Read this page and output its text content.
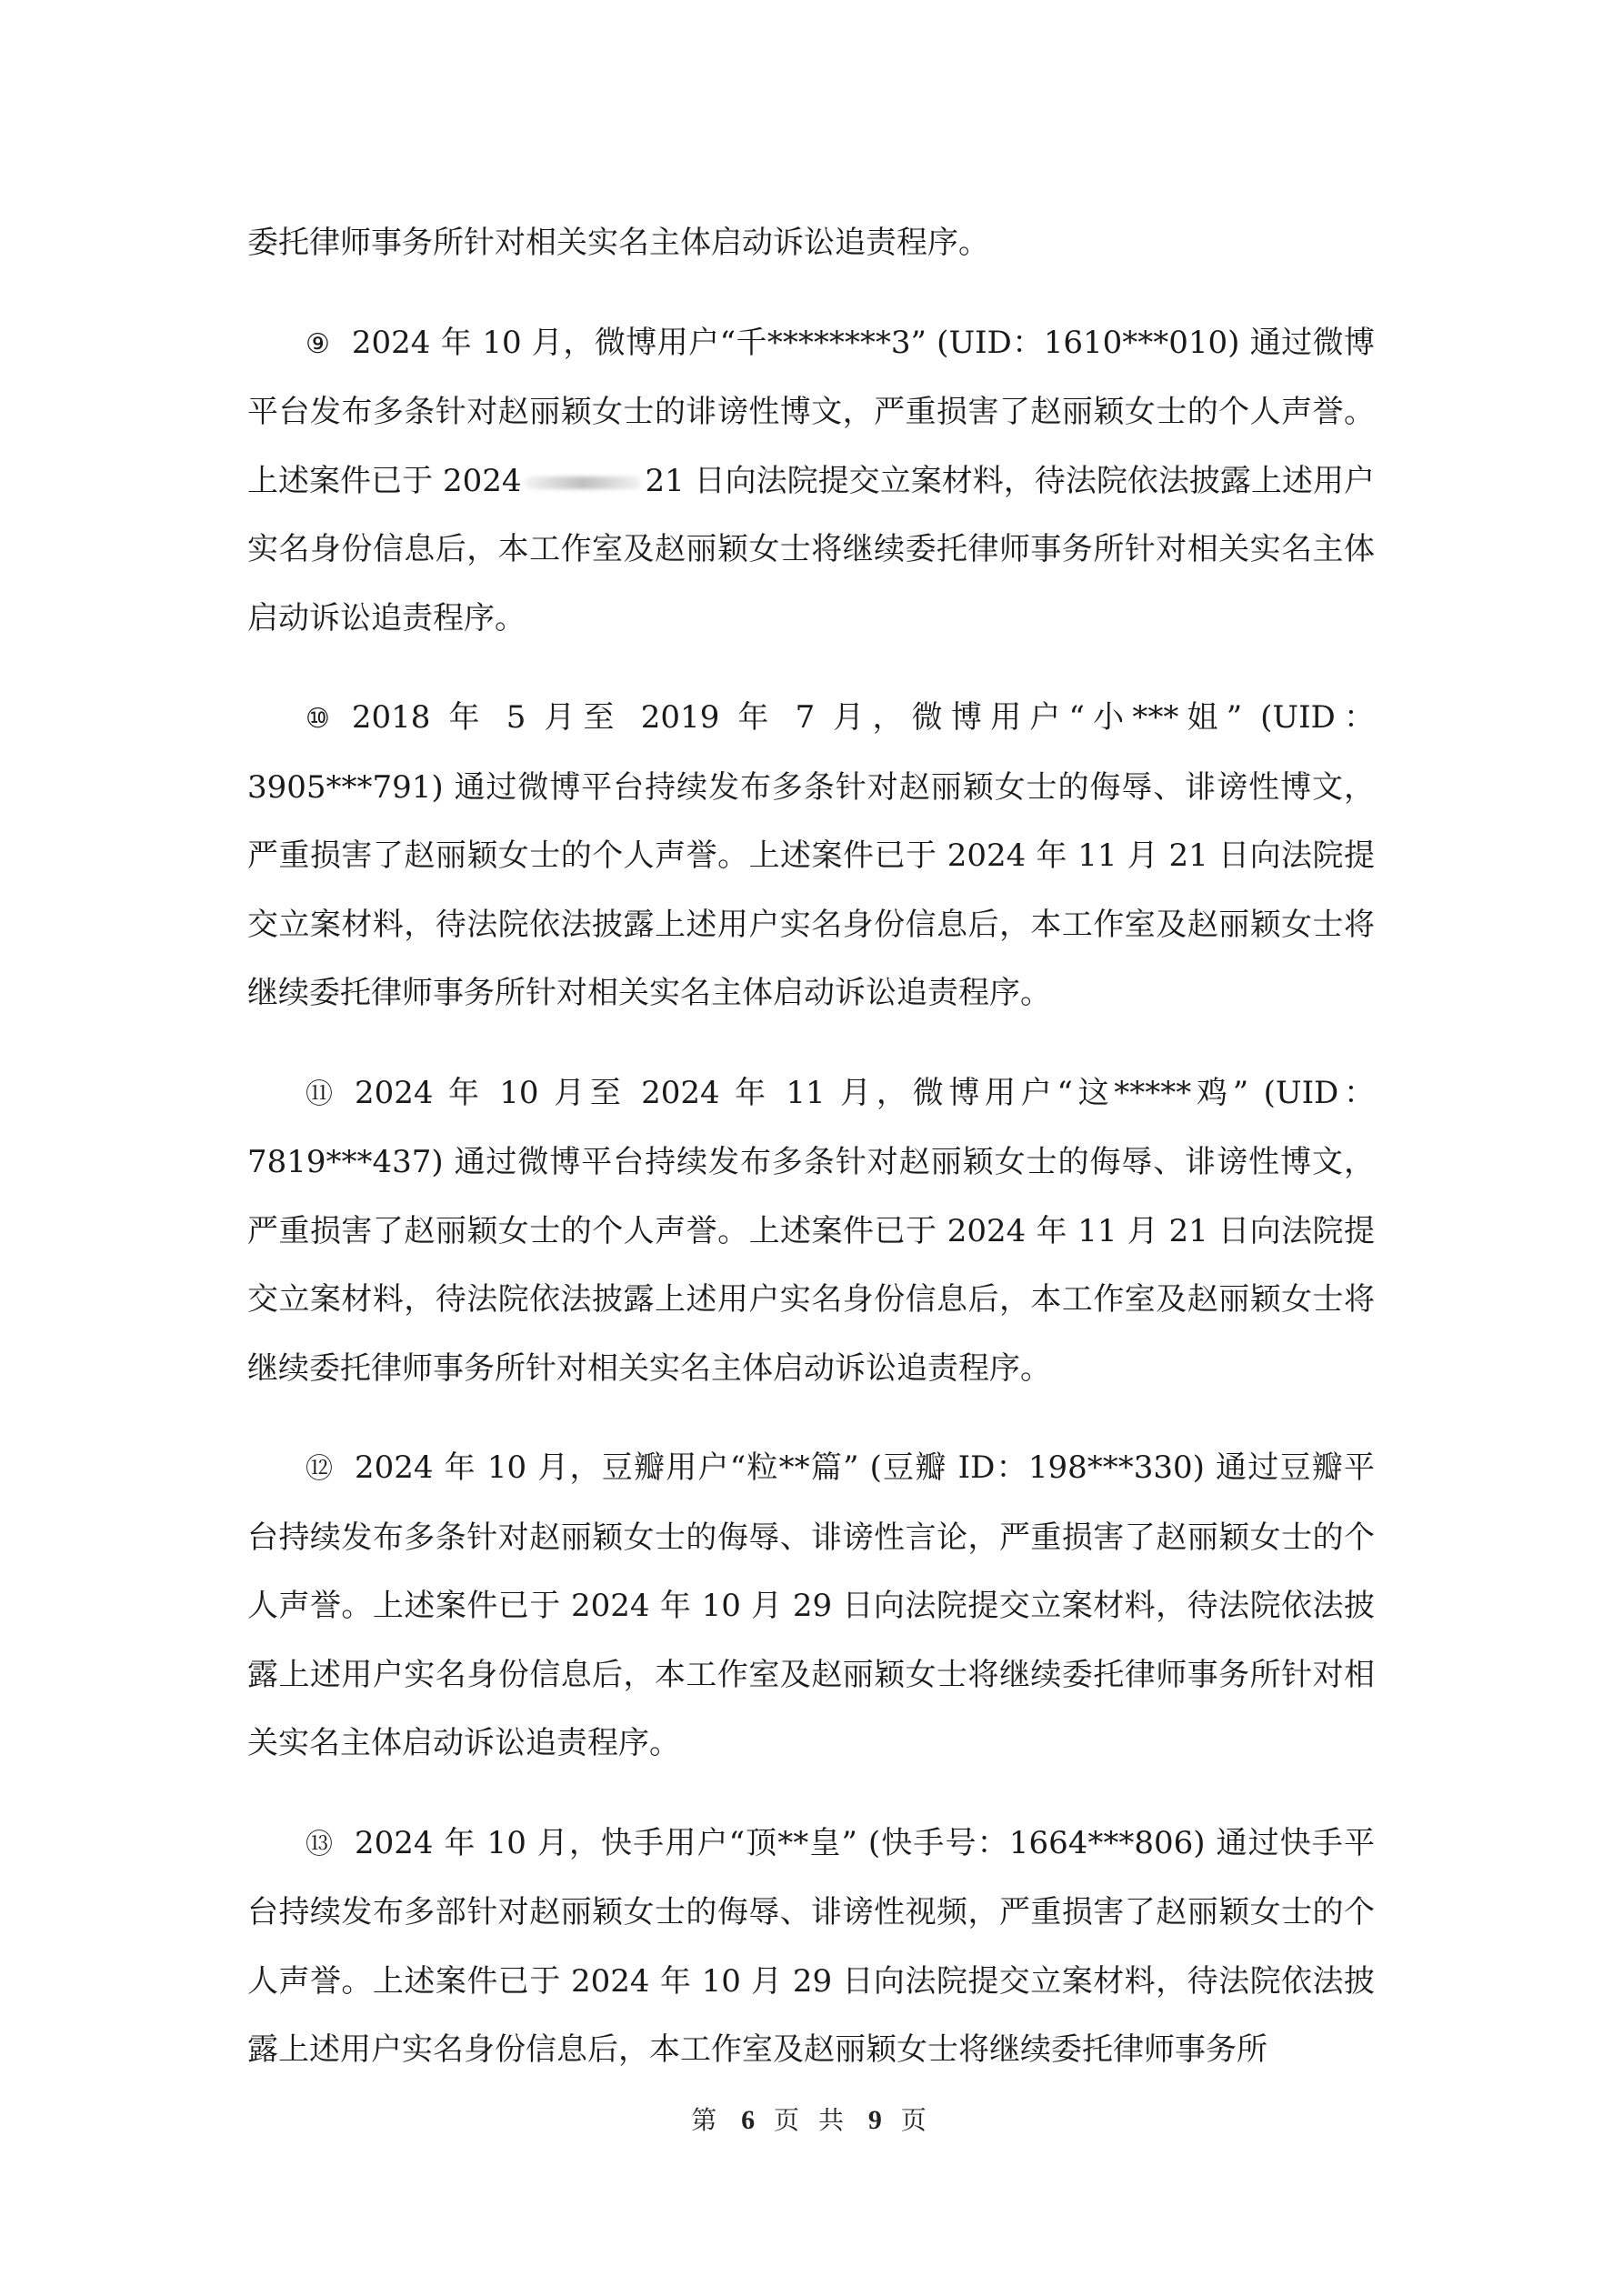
委托律师事务所针对相关实名主体启动诉讼追责程序。

⑨ 2024 年 10 月，微博用户“千********3” (UID：1610***010) 通过微博平台发布多条针对赵丽颖女士的诽谤性博文，严重损害了赵丽颖女士的个人声誉。上述案件已于 2024	21 日向法院提交立案材料，待法院依法披露上述用户实名身份信息后，本工作室及赵丽颖女士将继续委托律师事务所针对相关实名主体启动诉讼追责程序。

⑩ 2018 年 5 月至 2019 年 7 月，微博用户“小***姐” (UID：3905***791) 通过微博平台持续发布多条针对赵丽颖女士的侮辱、诽谤性博文，严重损害了赵丽颖女士的个人声誉。上述案件已于 2024 年 11 月 21 日向法院提交立案材料，待法院依法披露上述用户实名身份信息后，本工作室及赵丽颖女士将继续委托律师事务所针对相关实名主体启动诉讼追责程序。

⑪ 2024 年 10 月至 2024 年 11 月，微博用户“这*****鸡” (UID：7819***437) 通过微博平台持续发布多条针对赵丽颖女士的侮辱、诽谤性博文，严重损害了赵丽颖女士的个人声誉。上述案件已于 2024 年 11 月 21 日向法院提交立案材料，待法院依法披露上述用户实名身份信息后，本工作室及赵丽颖女士将继续委托律师事务所针对相关实名主体启动诉讼追责程序。

⑫ 2024 年 10 月，豆瓣用户“粒**篇” (豆瓣 ID：198***330) 通过豆瓣平台持续发布多条针对赵丽颖女士的侮辱、诽谤性言论，严重损害了赵丽颖女士的个人声誉。上述案件已于 2024 年 10 月 29 日向法院提交立案材料，待法院依法披露上述用户实名身份信息后，本工作室及赵丽颖女士将继续委托律师事务所针对相关实名主体启动诉讼追责程序。

⑬ 2024 年 10 月，快手用户“顶**皇” (快手号：1664***806) 通过快手平台持续发布多部针对赵丽颖女士的侮辱、诽谤性视频，严重损害了赵丽颖女士的个人声誉。上述案件已于 2024 年 10 月 29 日向法院提交立案材料，待法院依法披露上述用户实名身份信息后，本工作室及赵丽颖女士将继续委托律师事务所

第 6 页 共 9 页
